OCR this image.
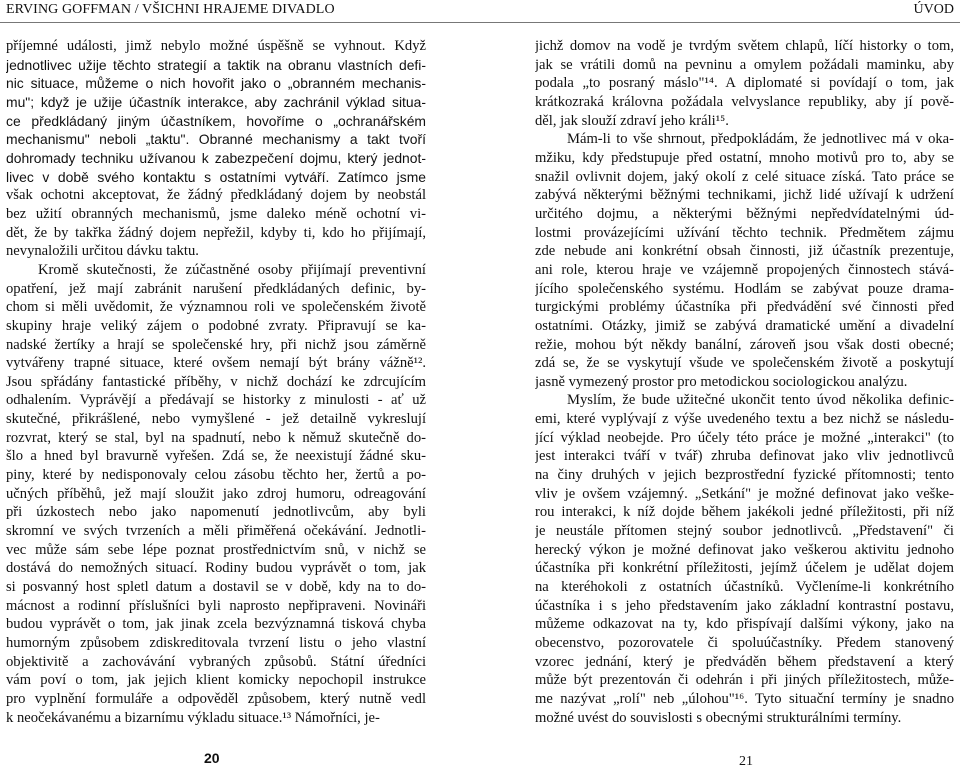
ERVING GOFFMAN / VŠICHNI HRAJEME DIVADLO	ÚVOD
příjemné události, jimž nebylo možné úspěšně se vyhnout. Když
jednotlivec užije těchto strategií a taktik na obranu vlastních defi-
nic situace, můžeme o nich hovořit jako o „obranném mechanis-
mu"; když je užije účastník interakce, aby zachránil výklad situa-
ce předkládaný jiným účastníkem, hovoříme o „ochranářském
mechanismu" neboli „taktu". Obranné mechanismy a takt tvoří
dohromady techniku užívanou k zabezpečení dojmu, který jednot-
livec v době svého kontaktu s ostatními vytváří. Zatímco jsme
však ochotni akceptovat, že žádný předkládaný dojem by neobstál
bez užití obranných mechanismů, jsme daleko méně ochotní vi-
dět, že by takřka žádný dojem nepřežil, kdyby ti, kdo ho přijímají,
nevynaložili určitou dávku taktu.
Kromě skutečnosti, že zúčastněné osoby přijímají preventivní
opatření, jež mají zabránit narušení předkládaných definic, by-
chom si měli uvědomit, že významnou roli ve společenském životě
skupiny hraje veliký zájem o podobné zvraty. Připravují se ka-
nadské žertíky a hrají se společenské hry, při nichž jsou záměrně
vytvářeny trapné situace, které ovšem nemají být brány vážně¹².
Jsou spřádány fantastické příběhy, v nichž dochází ke zdrcujícím
odhalením. Vyprávějí a předávají se historky z minulosti - ať už
skutečné, přikrášlené, nebo vymyšlené - jež detailně vykreslují
rozvrat, který se stal, byl na spadnutí, nebo k němuž skutečně do-
šlo a hned byl bravurně vyřešen. Zdá se, že neexistují žádné sku-
piny, které by nedisponovaly celou zásobu těchto her, žertů a po-
učných příběhů, jež mají sloužit jako zdroj humoru, odreagování
při úzkostech nebo jako napomenutí jednotlivcům, aby byli
skromní ve svých tvrzeních a měli přiměřená očekávání. Jednotli-
vec může sám sebe lépe poznat prostřednictvím snů, v nichž se
dostává do nemožných situací. Rodiny budou vyprávět o tom, jak
si posvanný host spletl datum a dostavil se v době, kdy na to do-
mácnost a rodinní příslušníci byli naprosto nepřipraveni. Novináři
budou vyprávět o tom, jak jinak zcela bezvýznamná tisková chyba
humorným způsobem zdiskreditovala tvrzení listu o jeho vlastní
objektivitě a zachovávání vybraných způsobů. Státní úředníci
vám poví o tom, jak jejich klient komicky nepochopil instrukce
pro vyplnění formuláře a odpověděl způsobem, který nutně vedl
k neočekávanému a bizarnímu výkladu situace.¹³ Námořníci, je-
jichž domov na vodě je tvrdým světem chlapů, líčí historky o tom,
jak se vrátili domů na pevninu a omylem požádali maminku, aby
podala „to posraný máslo"¹⁴. A diplomaté si povídají o tom, jak
krátkozraká královna požádala velvyslance republiky, aby jí pově-
děl, jak slouží zdraví jeho králi¹⁵.
Mám-li to vše shrnout, předpokládám, že jednotlivec má v oka-
mžiku, kdy předstupuje před ostatní, mnoho motivů pro to, aby se
snažil ovlivnit dojem, jaký okolí z celé situace získá. Tato práce se
zabývá některými běžnými technikami, jichž lidé užívají k udržení
určitého dojmu, a některými běžnými nepředvídatelnými úd-
lostmi provázejícími užívání těchto technik. Předmětem zájmu
zde nebude ani konkrétní obsah činnosti, již účastník prezentuje,
ani role, kterou hraje ve vzájemně propojených činnostech stává-
jícího společenského systému. Hodlám se zabývat pouze drama-
turgickými problémy účastníka při předvádění své činnosti před
ostatními. Otázky, jimiž se zabývá dramatické umění a divadelní
režie, mohou být někdy banální, zároveň jsou však dosti obecné;
zdá se, že se vyskytují všude ve společenském životě a poskytují
jasně vymezený prostor pro metodickou sociologickou analýzu.
Myslím, že bude užitečné ukončit tento úvod několika definic-
emi, které vyplývají z výše uvedeného textu a bez nichž se následu-
jící výklad neobejde. Pro účely této práce je možné „interakci" (to
jest interakci tváří v tvář) zhruba definovat jako vliv jednotlivců
na činy druhých v jejich bezprostřední fyzické přítomnosti; tento
vliv je ovšem vzájemný. „Setkání" je možné definovat jako veške-
rou interakci, k níž dojde během jakékoli jedné příležitosti, při níž
je neustále přítomen stejný soubor jednotlivců. „Představení" či
herecký výkon je možné definovat jako veškerou aktivitu jednoho
účastníka při konkrétní příležitosti, jejímž účelem je udělat dojem
na kteréhokoli z ostatních účastníků. Vyčleníme-li konkrétního
účastníka i s jeho představením jako základní kontrastní postavu,
můžeme odkazovat na ty, kdo přispívají dalšími výkony, jako na
obecenstvo, pozorovatele či spoluúčastníky. Předem stanovený
vzorec jednání, který je předváděn během představení a který
může být prezentován či odehrán i při jiných příležitostech, může-
me nazývat „rolí" neb „úlohou"¹⁶. Tyto situační termíny je snadno
možné uvést do souvislosti s obecnými strukturálními termíny.
20	21
